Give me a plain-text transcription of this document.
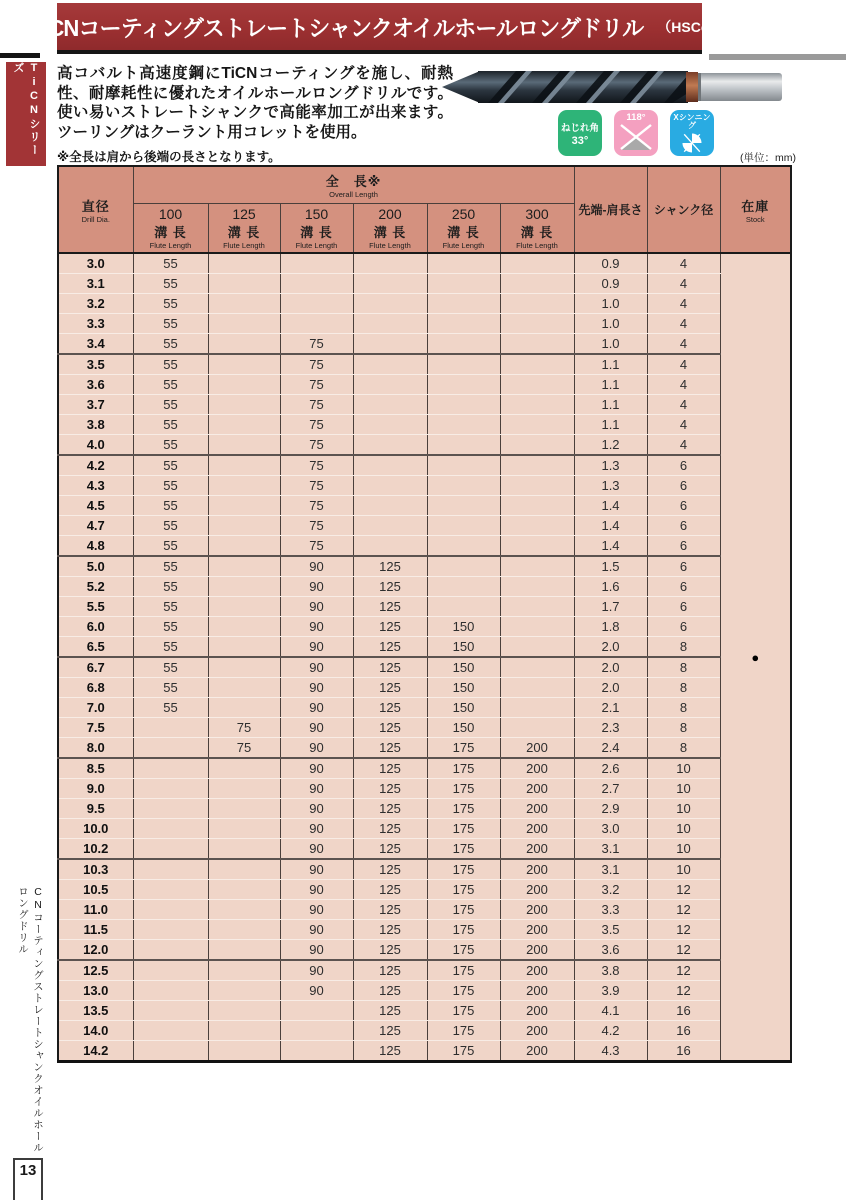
CNコーティングストレートシャンクオイルホールロングドリル （HSCo）
TiCNシリーズ	高コバルト高速度鋼にTiCNコーティングを施し、耐熱性、耐摩耗性に優れたオイルホールロングドリルです。使い易いストレートシャンクで高能率加工が出来ます。ツーリングはクーラント用コレットを使用。	ねじれ角
33°
118°	Xシンニング
※全長は肩から後端の長さとなります。	(単位：mm)
直径
Drill Dia.	全　長※
Overall Length						先端-肩長さ	シャンク径	在庫
Stock

	100
溝 長
Flute Length	125
溝 長
Flute Length	150
溝 長
Flute Length	200
溝 長
Flute Length	250
溝 長
Flute Length	300
溝 長
Flute Length			

3.0	55						0.9	4	●
3.1	55						0.9	4	
3.2	55						1.0	4	
3.3	55						1.0	4	
3.4	55		75				1.0	4	
3.5	55		75				1.1	4	
3.6	55		75				1.1	4	
3.7	55		75				1.1	4	
3.8	55		75				1.1	4	
4.0	55		75				1.2	4	
4.2	55		75				1.3	6	
4.3	55		75				1.3	6	
4.5	55		75				1.4	6	
4.7	55		75				1.4	6	
4.8	55		75				1.4	6	
5.0	55		90	125			1.5	6	
5.2	55		90	125			1.6	6	
5.5	55		90	125			1.7	6	
6.0	55		90	125	150		1.8	6	
6.5	55		90	125	150		2.0	8	
6.7	55		90	125	150		2.0	8	
6.8	55		90	125	150		2.0	8	
7.0	55		90	125	150		2.1	8	
7.5		75	90	125	150		2.3	8	
8.0		75	90	125	175	200	2.4	8	
8.5			90	125	175	200	2.6	10	
9.0			90	125	175	200	2.7	10	
9.5			90	125	175	200	2.9	10	
10.0			90	125	175	200	3.0	10	
10.2			90	125	175	200	3.1	10	
10.3			90	125	175	200	3.1	10	
10.5			90	125	175	200	3.2	12	
11.0			90	125	175	200	3.3	12	
11.5			90	125	175	200	3.5	12	
12.0			90	125	175	200	3.6	12	
12.5			90	125	175	200	3.8	12	
13.0			90	125	175	200	3.9	12	
13.5				125	175	200	4.1	16	
14.0				125	175	200	4.2	16	
14.2				125	175	200	4.3	16	
CNコーティングストレートシャンクオイルホールロングドリル
13
